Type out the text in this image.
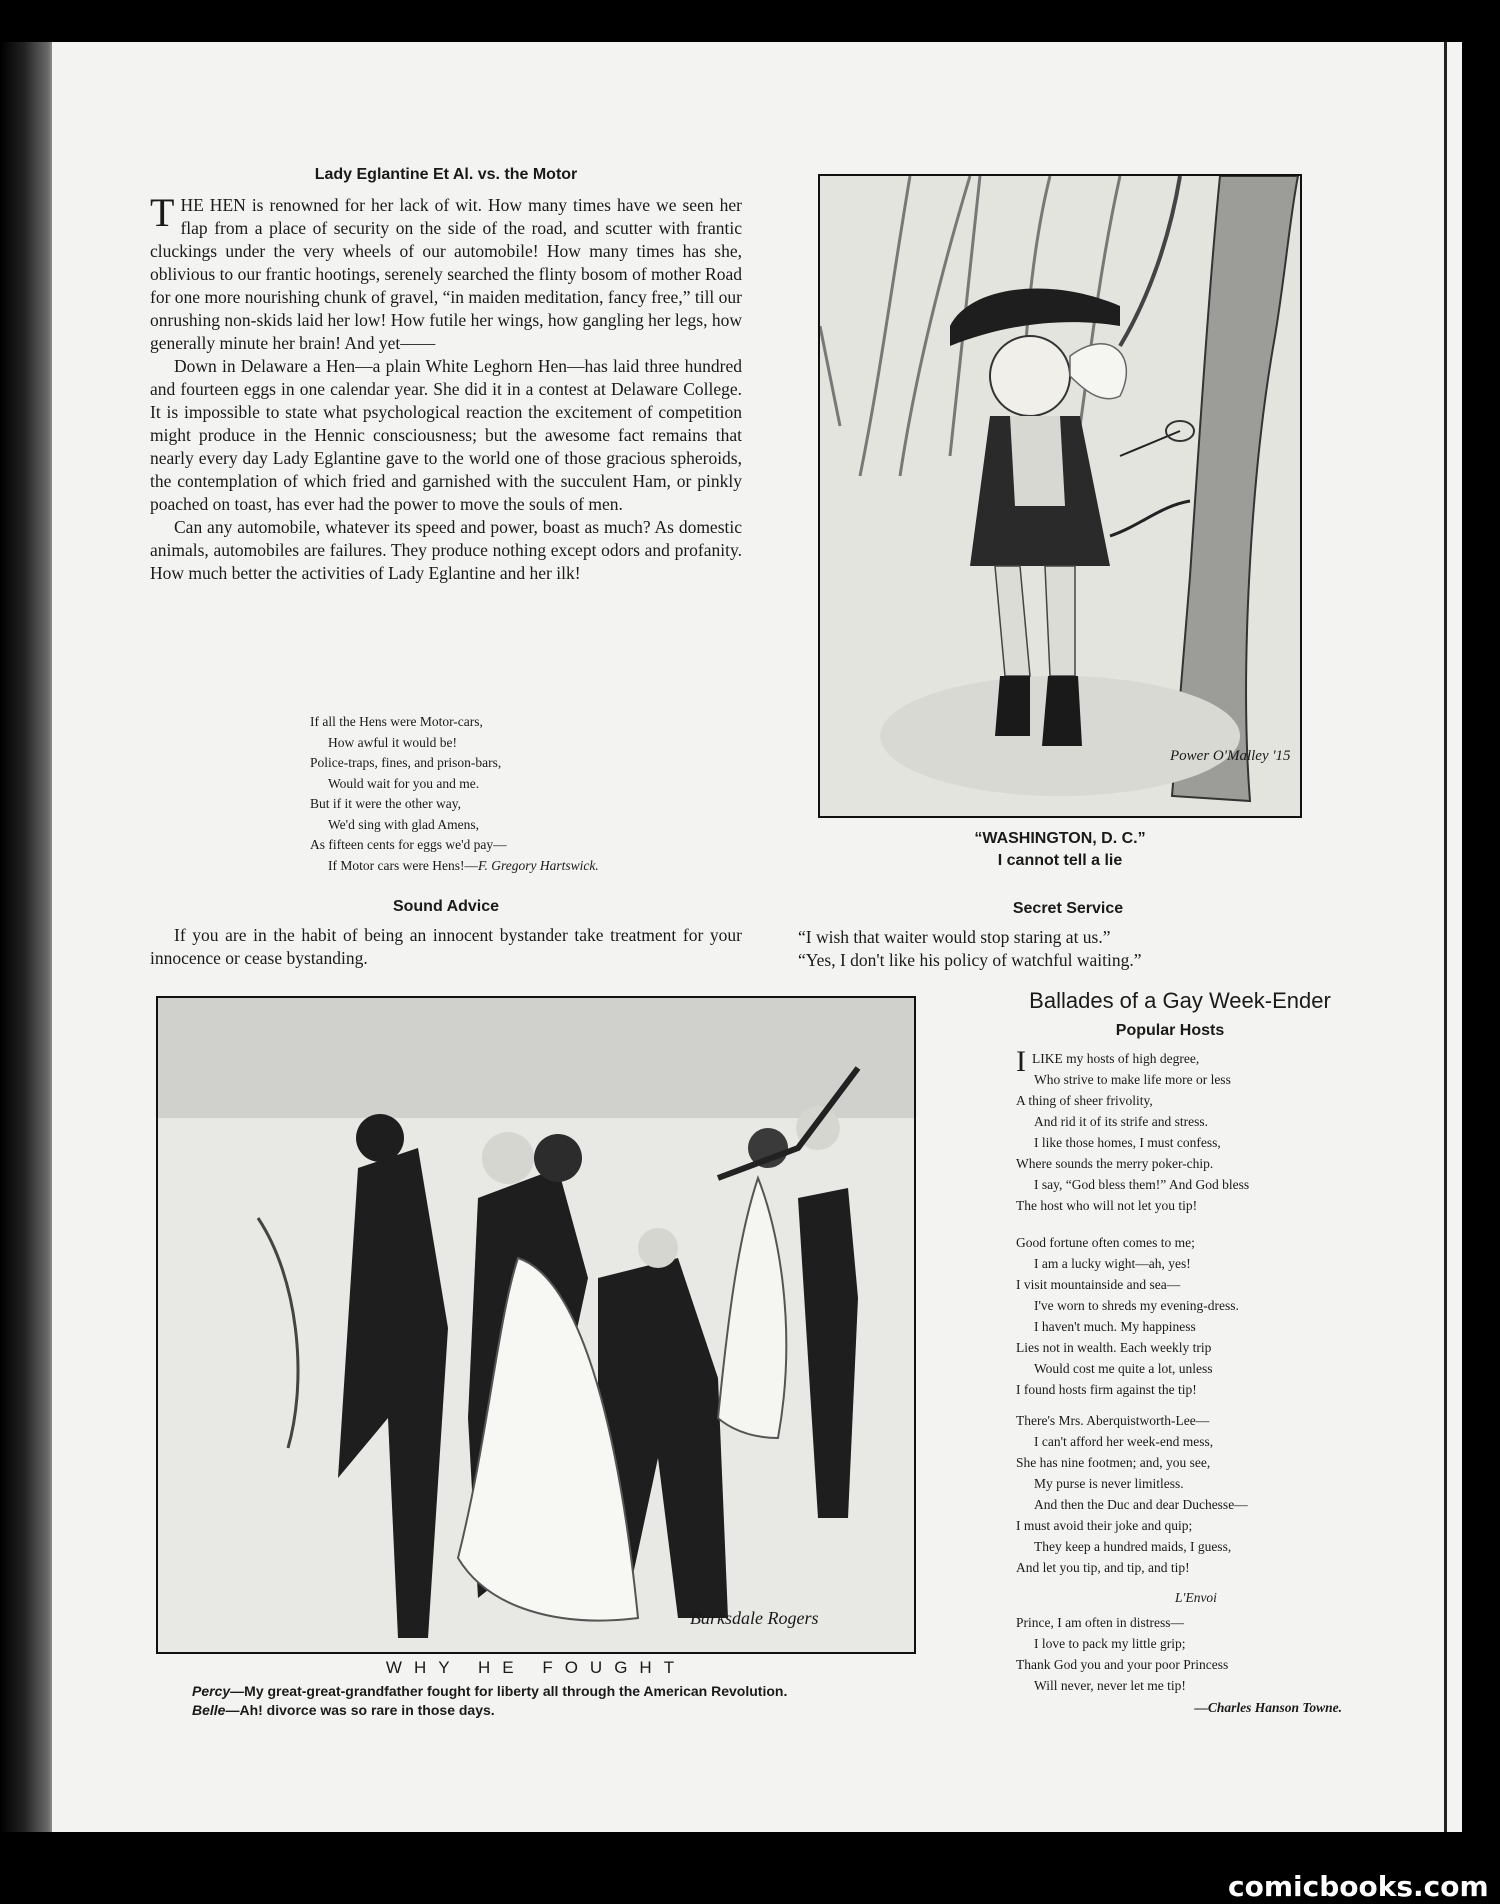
Lady Eglantine Et Al. vs. the Motor

THE HEN is renowned for her lack of wit. How many times have we seen her flap from a place of security on the side of the road, and scutter with frantic cluckings under the very wheels of our automobile! How many times has she, oblivious to our frantic hootings, serenely searched the flinty bosom of mother Road for one more nourishing chunk of gravel, “in maiden meditation, fancy free,” till our onrushing non-skids laid her low! How futile her wings, how gangling her legs, how generally minute her brain! And yet——

Down in Delaware a Hen—a plain White Leghorn Hen—has laid three hundred and fourteen eggs in one calendar year. She did it in a contest at Delaware College. It is impossible to state what psychological reaction the excitement of competition might produce in the Hennic consciousness; but the awesome fact remains that nearly every day Lady Eglantine gave to the world one of those gracious spheroids, the contemplation of which fried and garnished with the succulent Ham, or pinkly poached on toast, has ever had the power to move the souls of men.

Can any automobile, whatever its speed and power, boast as much? As domestic animals, automobiles are failures. They produce nothing except odors and profanity. How much better the activities of Lady Eglantine and her ilk!

If all the Hens were Motor-cars,
How awful it would be!
Police-traps, fines, and prison-bars,
Would wait for you and me.
But if it were the other way,
We'd sing with glad Amens,
As fifteen cents for eggs we'd pay—
If Motor cars were Hens!—F. Gregory Hartswick.
Sound Advice

If you are in the habit of being an innocent bystander take treatment for your innocence or cease bystanding.

Power O'Malley '15
“WASHINGTON, D. C.”
I cannot tell a lie
Secret Service
“I wish that waiter would stop staring at us.”
“Yes, I don't like his policy of watchful waiting.”
Barksdale Rogers
WHY HE FOUGHT
Percy—My great-great-grandfather fought for liberty all through the American Revolution.
Belle—Ah! divorce was so rare in those days.
Ballades of a Gay Week-Ender
Popular Hosts
ILIKE my hosts of high degree,
Who strive to make life more or less
A thing of sheer frivolity,
And rid it of its strife and stress.
I like those homes, I must confess,
Where sounds the merry poker-chip.
I say, “God bless them!” And God bless
The host who will not let you tip!
Good fortune often comes to me;
I am a lucky wight—ah, yes!
I visit mountainside and sea—
I've worn to shreds my evening-dress.
I haven't much. My happiness
Lies not in wealth. Each weekly trip
Would cost me quite a lot, unless
I found hosts firm against the tip!
There's Mrs. Aberquistworth-Lee—
I can't afford her week-end mess,
She has nine footmen; and, you see,
My purse is never limitless.
And then the Duc and dear Duchesse—
I must avoid their joke and quip;
They keep a hundred maids, I guess,
And let you tip, and tip, and tip!
L'Envoi
Prince, I am often in distress—
I love to pack my little grip;
Thank God you and your poor Princess
Will never, never let me tip!
—Charles Hanson Towne.
comicbooks.com
